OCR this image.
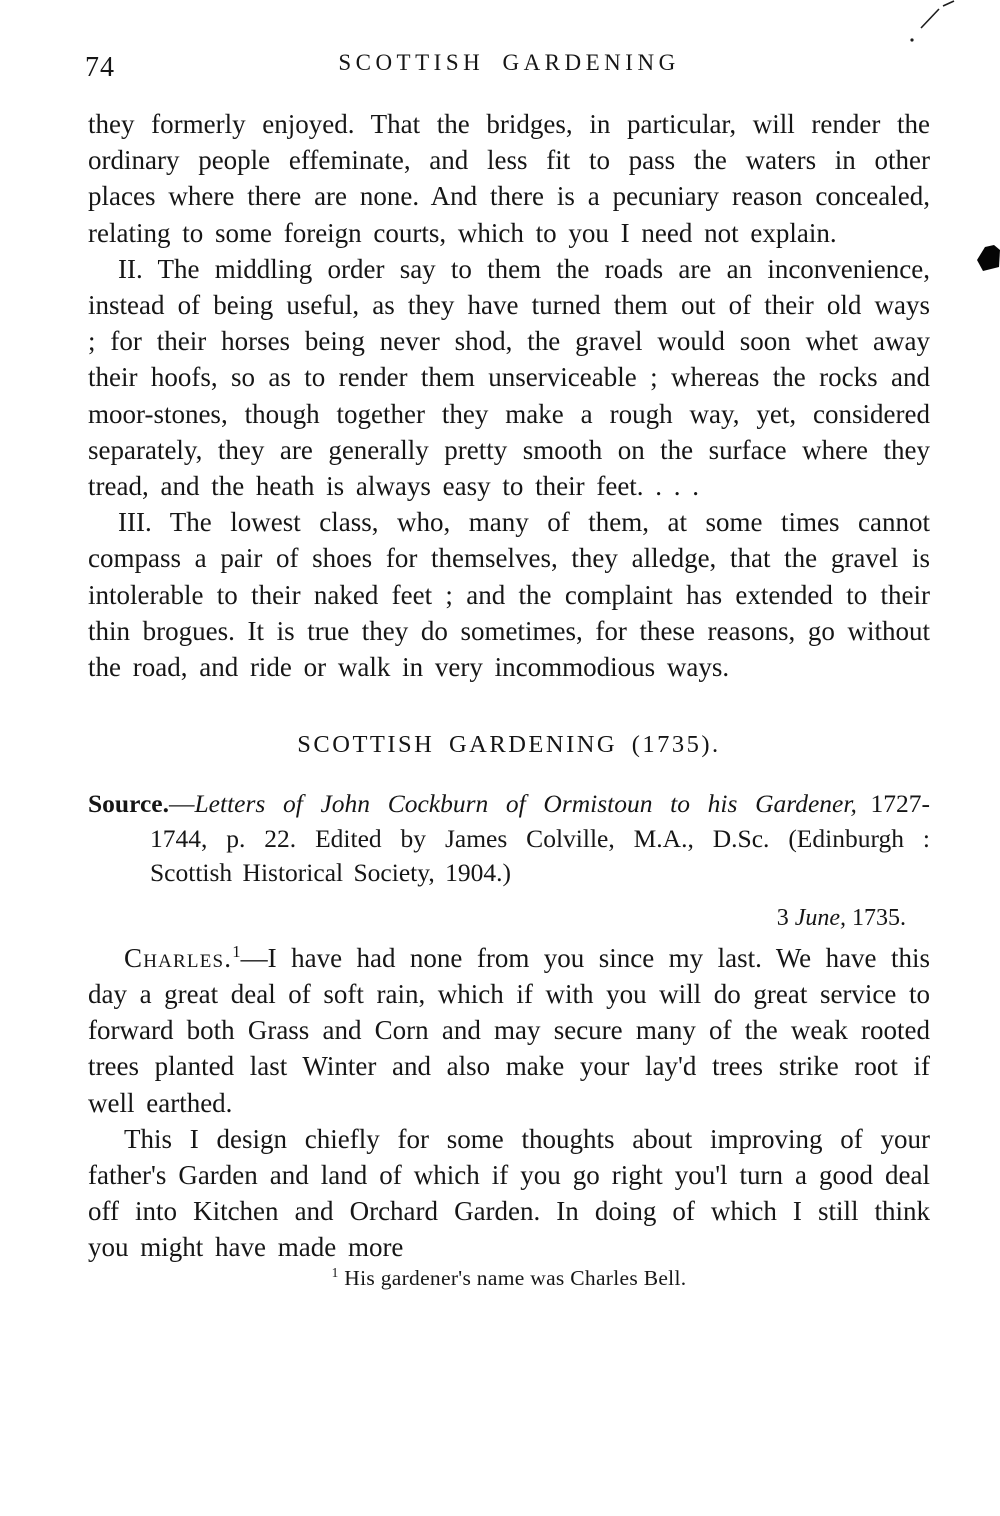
74	SCOTTISH GARDENING

they formerly enjoyed. That the bridges, in particular, will render the ordinary people effeminate, and less fit to pass the waters in other places where there are none. And there is a pecuniary reason concealed, relating to some foreign courts, which to you I need not explain.

II. The middling order say to them the roads are an inconvenience, instead of being useful, as they have turned them out of their old ways ; for their horses being never shod, the gravel would soon whet away their hoofs, so as to render them unserviceable ; whereas the rocks and moor-stones, though together they make a rough way, yet, considered separately, they are generally pretty smooth on the surface where they tread, and the heath is always easy to their feet. . . .

III. The lowest class, who, many of them, at some times cannot compass a pair of shoes for themselves, they alledge, that the gravel is intolerable to their naked feet ; and the complaint has extended to their thin brogues. It is true they do sometimes, for these reasons, go without the road, and ride or walk in very incommodious ways.

SCOTTISH GARDENING (1735).

Source.—Letters of John Cockburn of Ormistoun to his Gardener, 1727-1744, p. 22. Edited by James Colville, M.A., D.Sc. (Edinburgh : Scottish Historical Society, 1904.)

3 June, 1735.

Charles.$^1$—I have had none from you since my last. We have this day a great deal of soft rain, which if with you will do great service to forward both Grass and Corn and may secure many of the weak rooted trees planted last Winter and also make your lay'd trees strike root if well earthed.

This I design chiefly for some thoughts about improving of your father's Garden and land of which if you go right you'l turn a good deal off into Kitchen and Orchard Garden. In doing of which I still think you might have made more

$^1$ His gardener's name was Charles Bell.
